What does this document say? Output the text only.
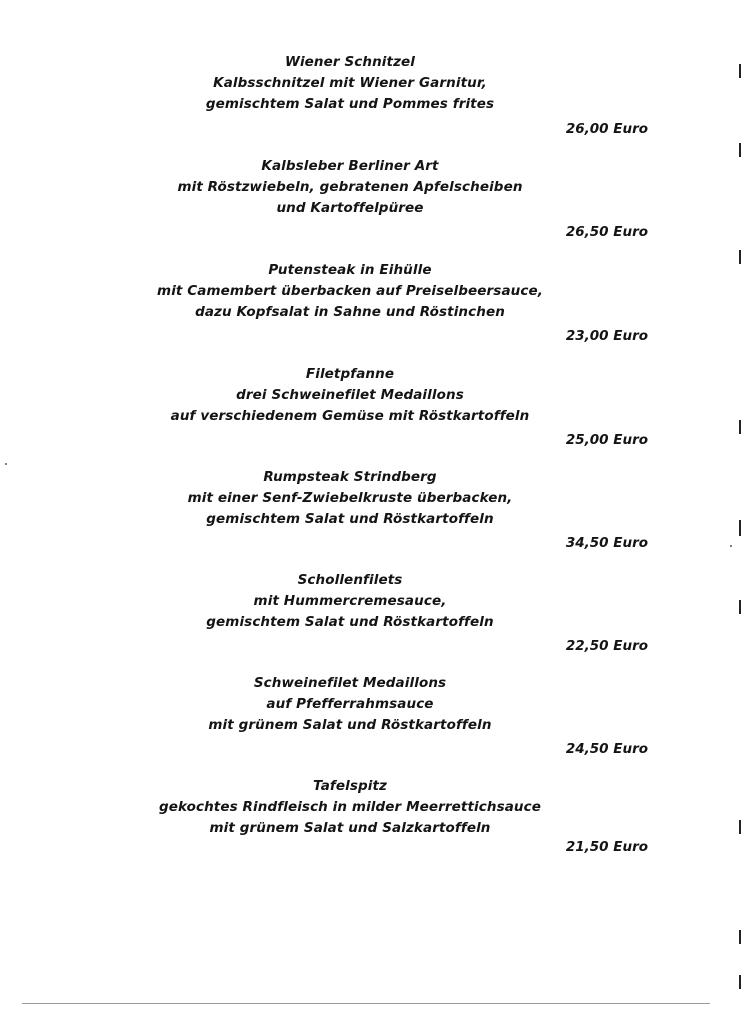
Wiener Schnitzel
Kalbsschnitzel mit Wiener Garnitur,
gemischtem Salat und Pommes frites
26,00 Euro
Kalbsleber Berliner Art
mit Röstzwiebeln, gebratenen Apfelscheiben
und Kartoffelpüree
26,50 Euro
Putensteak in Eihülle
mit Camembert überbacken auf Preiselbeersauce,
dazu Kopfsalat in Sahne und Röstinchen
23,00 Euro
Filetpfanne
drei Schweinefilet Medaillons
auf verschiedenem Gemüse mit Röstkartoffeln
25,00 Euro
Rumpsteak Strindberg
mit einer Senf-Zwiebelkruste überbacken,
gemischtem Salat und Röstkartoffeln
34,50 Euro
Schollenfilets
mit Hummercremesauce,
gemischtem Salat und Röstkartoffeln
22,50 Euro
Schweinefilet Medaillons
auf Pfefferrahmsauce
mit grünem Salat und Röstkartoffeln
24,50 Euro
Tafelspitz
gekochtes Rindfleisch in milder Meerrettichsauce
mit grünem Salat und Salzkartoffeln
21,50 Euro
